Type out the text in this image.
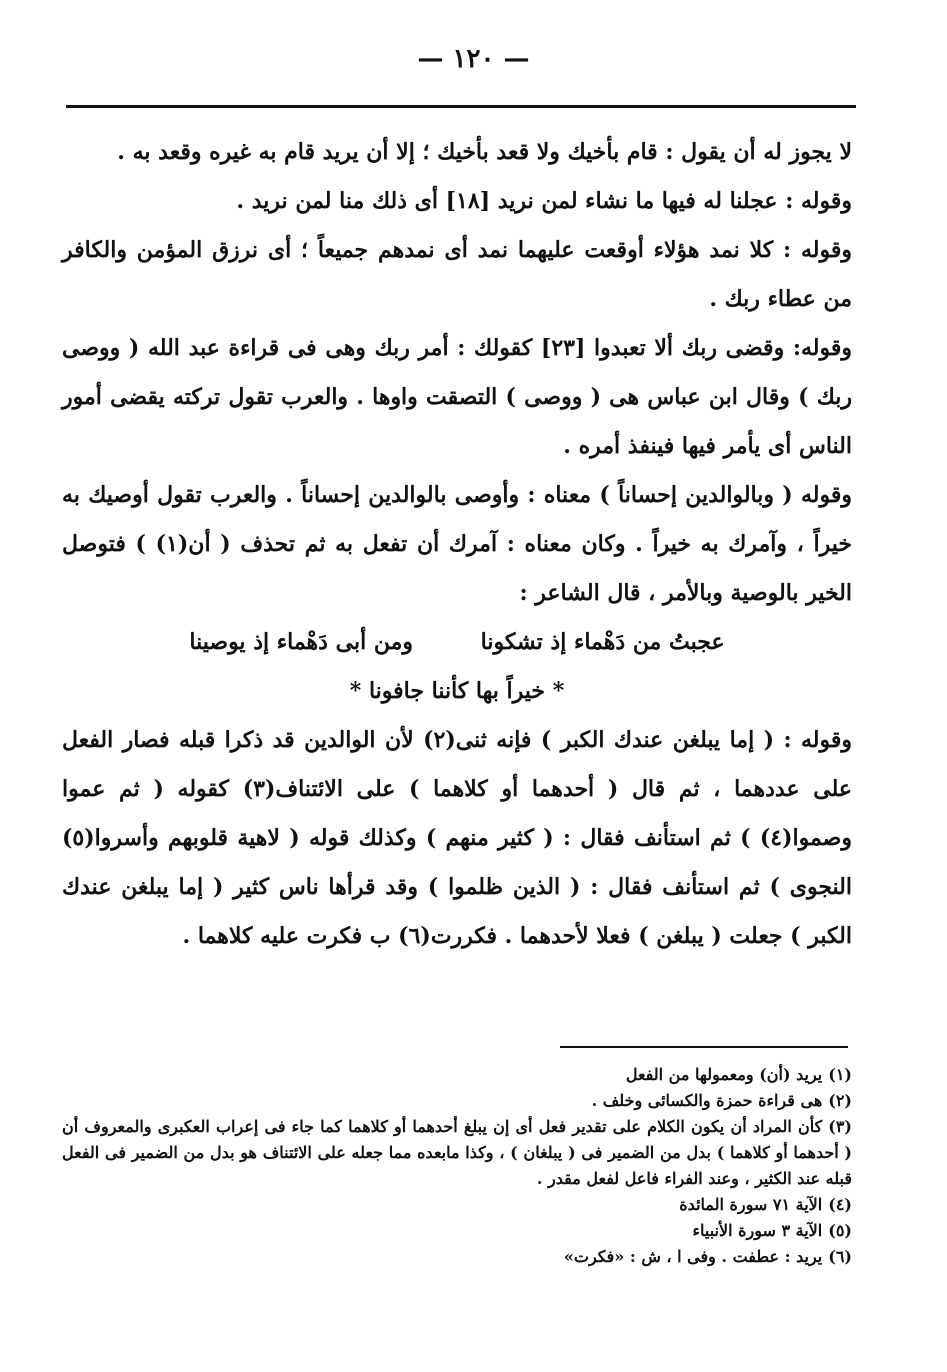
— ١٢٠ —

لا يجوز له أن يقول : قام بأخيك ولا قعد بأخيك ؛ إلا أن يريد قام به غيره وقعد به .

وقوله : عجلنا له فيها ما نشاء لمن نريد [١٨] أى ذلك منا لمن نريد .

وقوله : كلا نمد هؤلاء أوقعت عليهما نمد أى نمدهم جميعاً ؛ أى نرزق المؤمن والكافر من عطاء ربك .

وقوله: وقضى ربك ألا تعبدوا [٢٣] كقولك : أمر ربك وهى فى قراءة عبد الله ( ووصى ربك ) وقال ابن عباس هى ( ووصى ) التصقت واوها . والعرب تقول تركته يقضى أمور الناس أى يأمر فيها فينفذ أمره .

وقوله ( وبالوالدين إحساناً ) معناه : وأوصى بالوالدين إحساناً . والعرب تقول أوصيك به خيراً ، وآمرك به خيراً . وكان معناه : آمرك أن تفعل به ثم تحذف ( أن(١) ) فتوصل الخير بالوصية وبالأمر ، قال الشاعر :

عجبتُ من دَهْماء إذ تشكونا ومن أبى دَهْماء إذ يوصينا

* خيراً بها كأننا جافونا *

وقوله : ( إما يبلغن عندك الكبر ) فإنه ثنى(٢) لأن الوالدين قد ذكرا قبله فصار الفعل على عددهما ، ثم قال ( أحدهما أو كلاهما ) على الائتناف(٣) كقوله ( ثم عموا وصموا(٤) ) ثم استأنف فقال : ( كثير منهم ) وكذلك قوله ( لاهية قلوبهم وأسروا(٥) النجوى ) ثم استأنف فقال : ( الذين ظلموا ) وقد قرأها ناس كثير ( إما يبلغن عندك الكبر ) جعلت ( يبلغن ) فعلا لأحدهما . فكررت(٦) ب فكرت عليه كلاهما .

(١)يريد (أن) ومعمولها من الفعل

(٢)هى قراءة حمزة والكسائى وخلف .

(٣)كأن المراد أن يكون الكلام على تقدير فعل أى إن يبلغ أحدهما أو كلاهما كما جاء فى إعراب العكبرى والمعروف أن ( أحدهما أو كلاهما ) بدل من الضمير فى ( يبلغان ) ، وكذا مابعده مما جعله على الائتناف هو بدل من الضمير فى الفعل قبله عند الكثير ، وعند الفراء فاعل لفعل مقدر .

(٤)الآية ٧١ سورة المائدة

(٥)الآية ٣ سورة الأنبياء

(٦)يريد : عطفت . وفى ا ، ش : «فكرت»
